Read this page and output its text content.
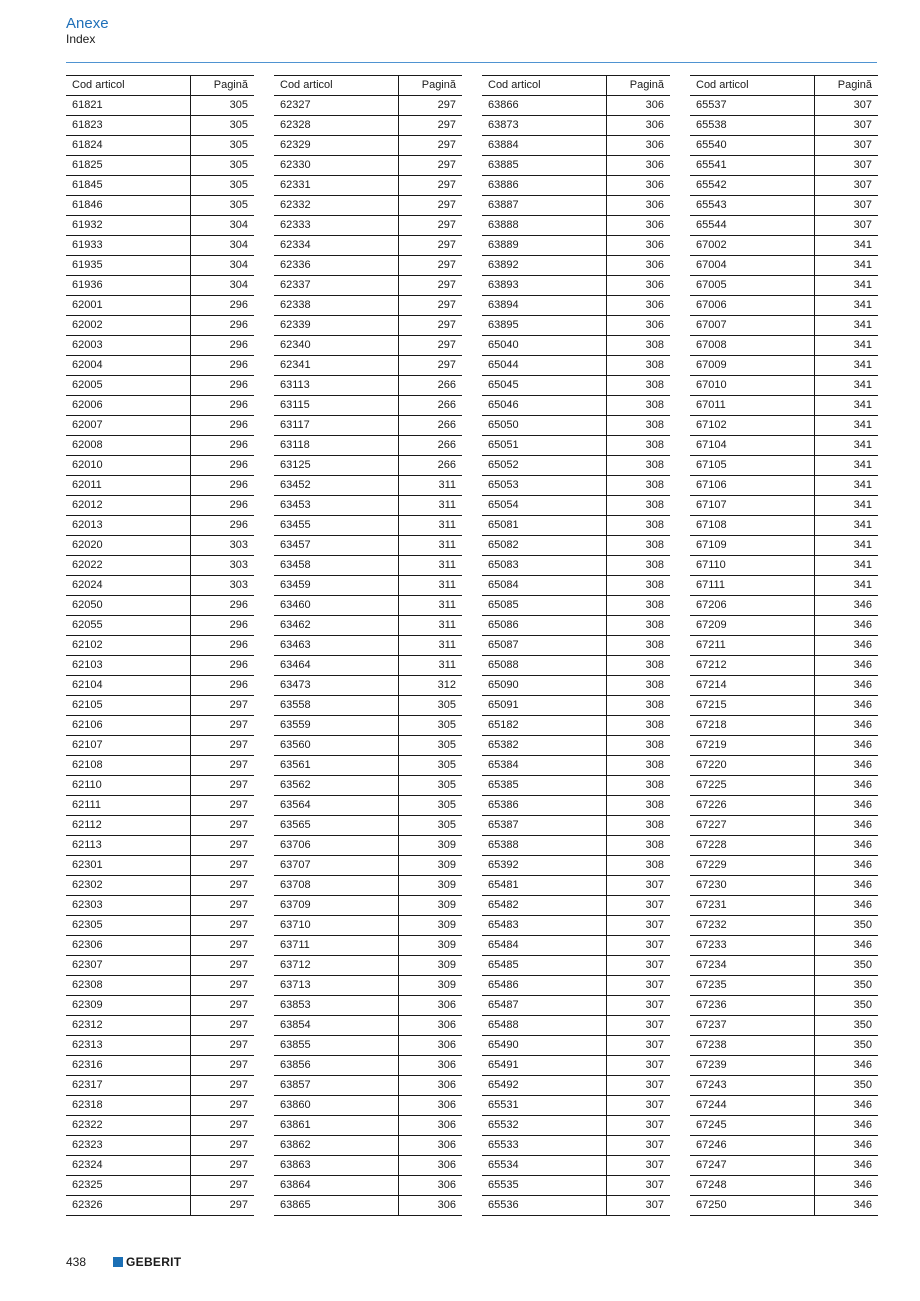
Anexe
Index
Cod articol	Pagină
61821	305
61823	305
61824	305
61825	305
61845	305
61846	305
61932	304
61933	304
61935	304
61936	304
62001	296
62002	296
62003	296
62004	296
62005	296
62006	296
62007	296
62008	296
62010	296
62011	296
62012	296
62013	296
62020	303
62022	303
62024	303
62050	296
62055	296
62102	296
62103	296
62104	296
62105	297
62106	297
62107	297
62108	297
62110	297
62111	297
62112	297
62113	297
62301	297
62302	297
62303	297
62305	297
62306	297
62307	297
62308	297
62309	297
62312	297
62313	297
62316	297
62317	297
62318	297
62322	297
62323	297
62324	297
62325	297
62326	297
Cod articol	Pagină
62327	297
62328	297
62329	297
62330	297
62331	297
62332	297
62333	297
62334	297
62336	297
62337	297
62338	297
62339	297
62340	297
62341	297
63113	266
63115	266
63117	266
63118	266
63125	266
63452	311
63453	311
63455	311
63457	311
63458	311
63459	311
63460	311
63462	311
63463	311
63464	311
63473	312
63558	305
63559	305
63560	305
63561	305
63562	305
63564	305
63565	305
63706	309
63707	309
63708	309
63709	309
63710	309
63711	309
63712	309
63713	309
63853	306
63854	306
63855	306
63856	306
63857	306
63860	306
63861	306
63862	306
63863	306
63864	306
63865	306
Cod articol	Pagină
63866	306
63873	306
63884	306
63885	306
63886	306
63887	306
63888	306
63889	306
63892	306
63893	306
63894	306
63895	306
65040	308
65044	308
65045	308
65046	308
65050	308
65051	308
65052	308
65053	308
65054	308
65081	308
65082	308
65083	308
65084	308
65085	308
65086	308
65087	308
65088	308
65090	308
65091	308
65182	308
65382	308
65384	308
65385	308
65386	308
65387	308
65388	308
65392	308
65481	307
65482	307
65483	307
65484	307
65485	307
65486	307
65487	307
65488	307
65490	307
65491	307
65492	307
65531	307
65532	307
65533	307
65534	307
65535	307
65536	307
Cod articol	Pagină
65537	307
65538	307
65540	307
65541	307
65542	307
65543	307
65544	307
67002	341
67004	341
67005	341
67006	341
67007	341
67008	341
67009	341
67010	341
67011	341
67102	341
67104	341
67105	341
67106	341
67107	341
67108	341
67109	341
67110	341
67111	341
67206	346
67209	346
67211	346
67212	346
67214	346
67215	346
67218	346
67219	346
67220	346
67225	346
67226	346
67227	346
67228	346
67229	346
67230	346
67231	346
67232	350
67233	346
67234	350
67235	350
67236	350
67237	350
67238	350
67239	346
67243	350
67244	346
67245	346
67246	346
67247	346
67248	346
67250	346
438	GEBERIT
